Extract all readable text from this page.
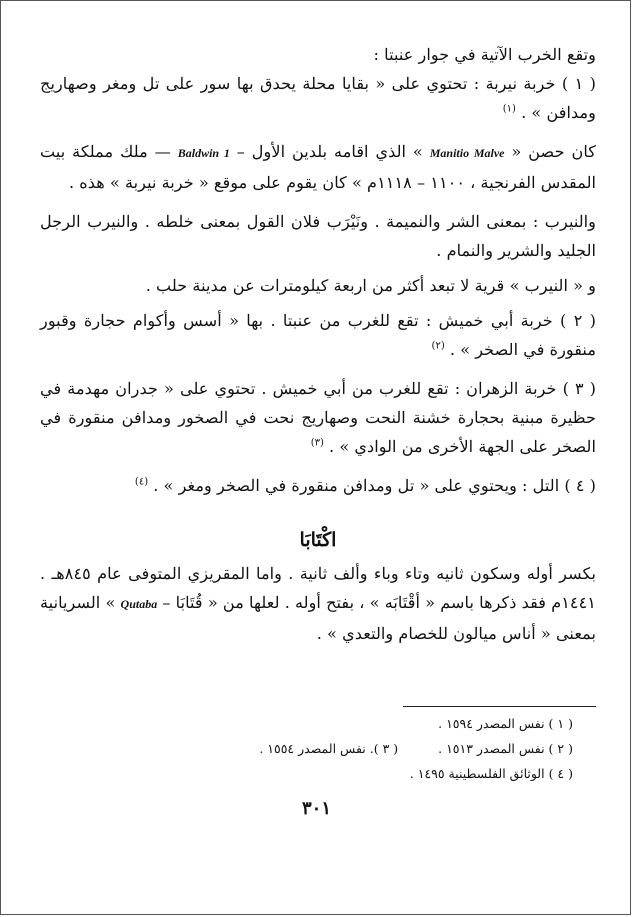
وتقع الخرب الآتية في جوار عنبتا :

( ١ ) خربة نيربة : تحتوي على « بقايا محلة يحدق بها سور على تل ومغر وصهاريج ومدافن » . $^{(١)}$

كان حصن « Manitio Malve » الذي اقامه بلدين الأول – Baldwin 1 — ملك مملكة بيت المقدس الفرنجية ، ١١٠٠ – ١١١٨م » كان يقوم على موقع « خربة نيربة » هذه .

والنيرب : بمعنى الشر والنميمة . ونَيْرَب فلان القول بمعنى خلطه . والنيرب الرجل الجليد والشرير والنمام .

و « النيرب » قرية لا تبعد أكثر من اربعة كيلومترات عن مدينة حلب .

( ٢ ) خربة أبي خميش : تقع للغرب من عنبتا . بها « أسس وأكوام حجارة وقبور منقورة في الصخر » . $^{(٢)}$

( ٣ ) خربة الزهران : تقع للغرب من أبي خميش . تحتوي على « جدران مهدمة في حظيرة مبنية بحجارة خشنة النحت وصهاريج نحت في الصخور ومدافن منقورة في الصخر على الجهة الأخرى من الوادي » . $^{(٣)}$

( ٤ ) التل : ويحتوي على « تل ومدافن منقورة في الصخر ومغر » . $^{(٤)}$

اكْتَابَا

بكسر أوله وسكون ثانيه وتاء وباء وألف ثانية . واما المقريزي المتوفى عام ٨٤٥هـ . ١٤٤١م فقد ذكرها باسم « أقْتَابَه » ، بفتح أوله . لعلها من « قُتَابَا – Qutaba » السريانية بمعنى « أناس ميالون للخصام والتعدي » .

( ١ ) نفس المصدر ١٥٩٤ .
( ٢ ) نفس المصدر ١٥١٣ .
( ٣ ). نفس المصدر ١٥٥٤ .
( ٤ ) الوثائق الفلسطينية ١٤٩٥ .
٣٠١
